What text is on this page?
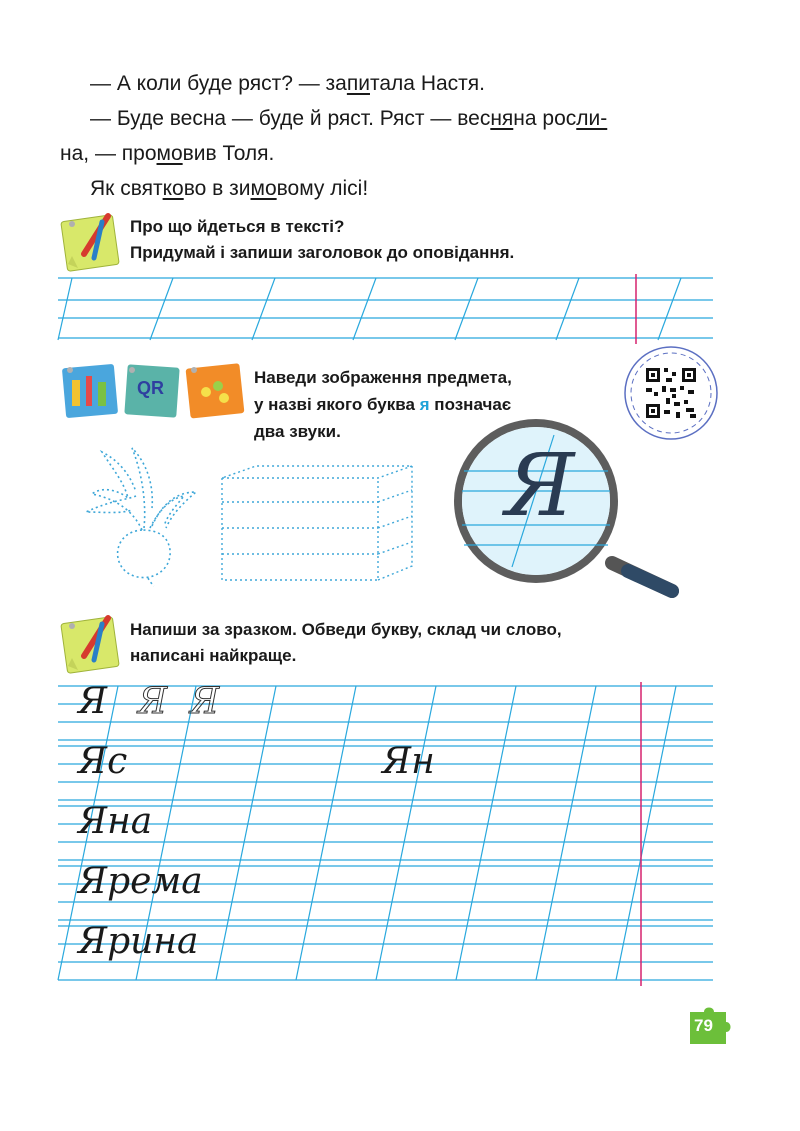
— А коли буде ряст? — запитала Настя.
— Буде весна — буде й ряст. Ряст — весняна росли-
на, — промовив Толя.
Як святково в зимовому лісі!
Про що йдеться в тексті?
Придумай і запиши заголовок до оповідання.
QR
Наведи зображення предмета,
у назві якого буква я позначає
два звуки.
Я
Напиши за зразком. Обведи букву, склад чи слово,
написані найкраще.
Я Я Я
Яс	Ян
Яна
Ярема
Ярина
79
